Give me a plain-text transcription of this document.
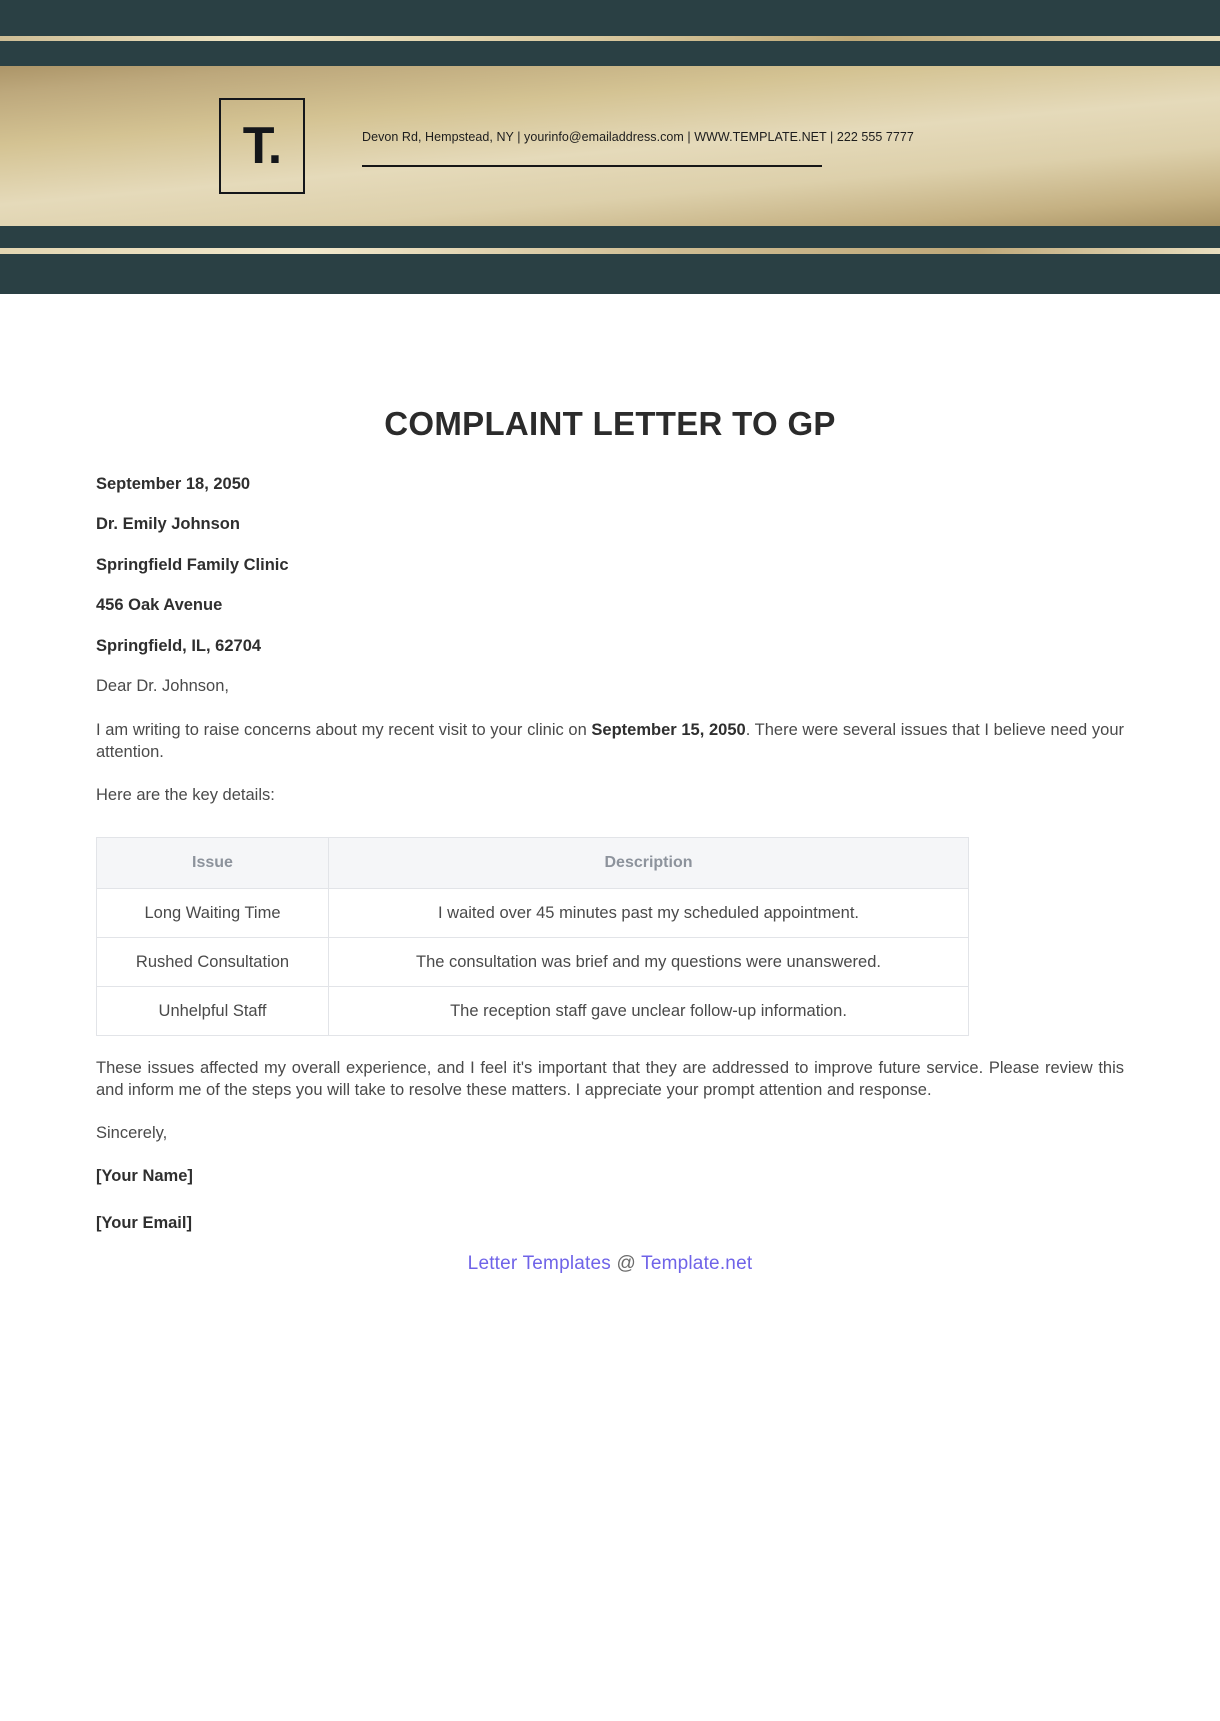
T.	Devon Rd, Hempstead, NY | yourinfo@emailaddress.com | WWW.TEMPLATE.NET | 222 555 7777
COMPLAINT LETTER TO GP
September 18, 2050
Dr. Emily Johnson
Springfield Family Clinic
456 Oak Avenue
Springfield, IL, 62704
Dear Dr. Johnson,
I am writing to raise concerns about my recent visit to your clinic on September 15, 2050. There were several issues that I believe need your attention.
Here are the key details:
Issue	Description
Long Waiting Time	I waited over 45 minutes past my scheduled appointment.
Rushed Consultation	The consultation was brief and my questions were unanswered.
Unhelpful Staff	The reception staff gave unclear follow-up information.
These issues affected my overall experience, and I feel it's important that they are addressed to improve future service. Please review this and inform me of the steps you will take to resolve these matters. I appreciate your prompt attention and response.
Sincerely,
[Your Name]
[Your Email]
Letter Templates @ Template.net
